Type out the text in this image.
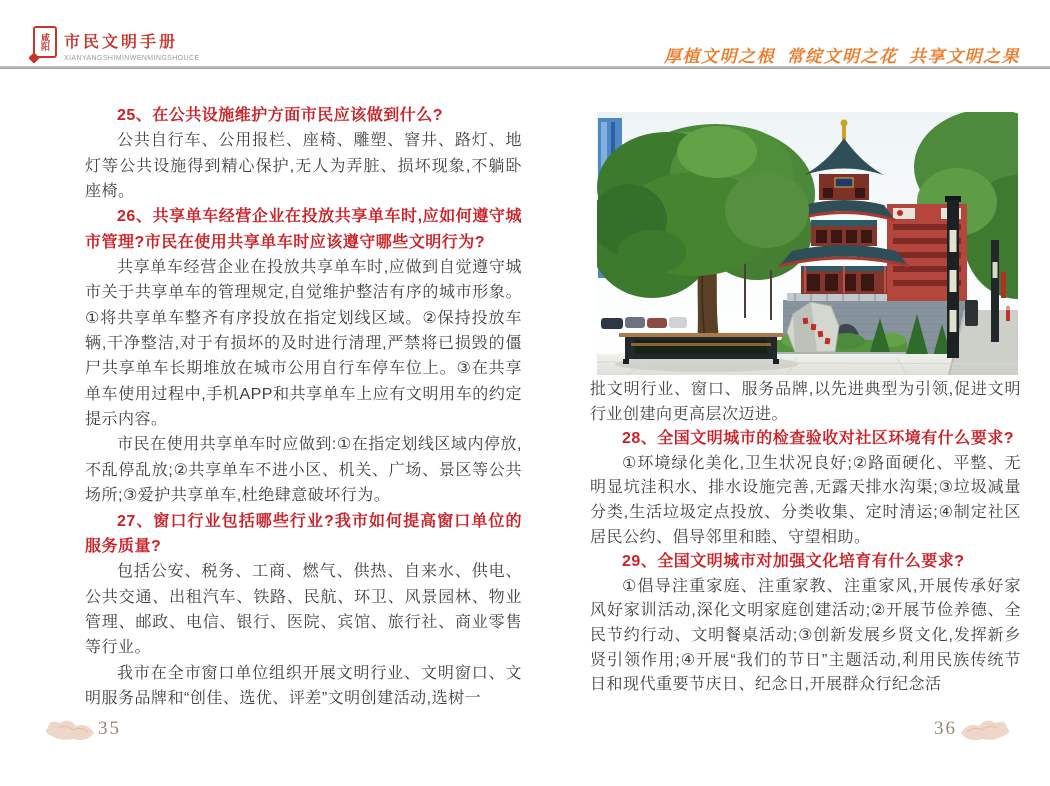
咸阳 市民文明手册
XIANYANGSHIMINWENMINGSHOUCE	厚植文明之根  常绽文明之花  共享文明之果

25、在公共设施维护方面市民应该做到什么?

公共自行车、公用报栏、座椅、雕塑、窨井、路灯、地灯等公共设施得到精心保护,无人为弄脏、损坏现象,不躺卧座椅。

26、共享单车经营企业在投放共享单车时,应如何遵守城市管理?市民在使用共享单车时应该遵守哪些文明行为?

共享单车经营企业在投放共享单车时,应做到自觉遵守城市关于共享单车的管理规定,自觉维护整洁有序的城市形象。①将共享单车整齐有序投放在指定划线区域。②保持投放车辆,干净整洁,对于有损坏的及时进行清理,严禁将已损毁的僵尸共享单车长期堆放在城市公用自行车停车位上。③在共享单车使用过程中,手机APP和共享单车上应有文明用车的约定提示内容。

市民在使用共享单车时应做到:①在指定划线区域内停放,不乱停乱放;②共享单车不进小区、机关、广场、景区等公共场所;③爱护共享单车,杜绝肆意破坏行为。

27、窗口行业包括哪些行业?我市如何提高窗口单位的服务质量?

包括公安、税务、工商、燃气、供热、自来水、供电、公共交通、出租汽车、铁路、民航、环卫、风景园林、物业管理、邮政、电信、银行、医院、宾馆、旅行社、商业零售等行业。

我市在全市窗口单位组织开展文明行业、文明窗口、文明服务品牌和“创佳、选优、评差”文明创建活动,选树一

批文明行业、窗口、服务品牌,以先进典型为引领,促进文明行业创建向更高层次迈进。

28、全国文明城市的检查验收对社区环境有什么要求?

①环境绿化美化,卫生状况良好;②路面硬化、平整、无明显坑洼积水、排水设施完善,无露天排水沟渠;③垃圾减量分类,生活垃圾定点投放、分类收集、定时清运;④制定社区居民公约、倡导邻里和睦、守望相助。

29、全国文明城市对加强文化培育有什么要求?

①倡导注重家庭、注重家教、注重家风,开展传承好家风好家训活动,深化文明家庭创建活动;②开展节俭养德、全民节约行动、文明餐桌活动;③创新发展乡贤文化,发挥新乡贤引领作用;④开展“我们的节日”主题活动,利用民族传统节日和现代重要节庆日、纪念日,开展群众行纪念活

35	36
